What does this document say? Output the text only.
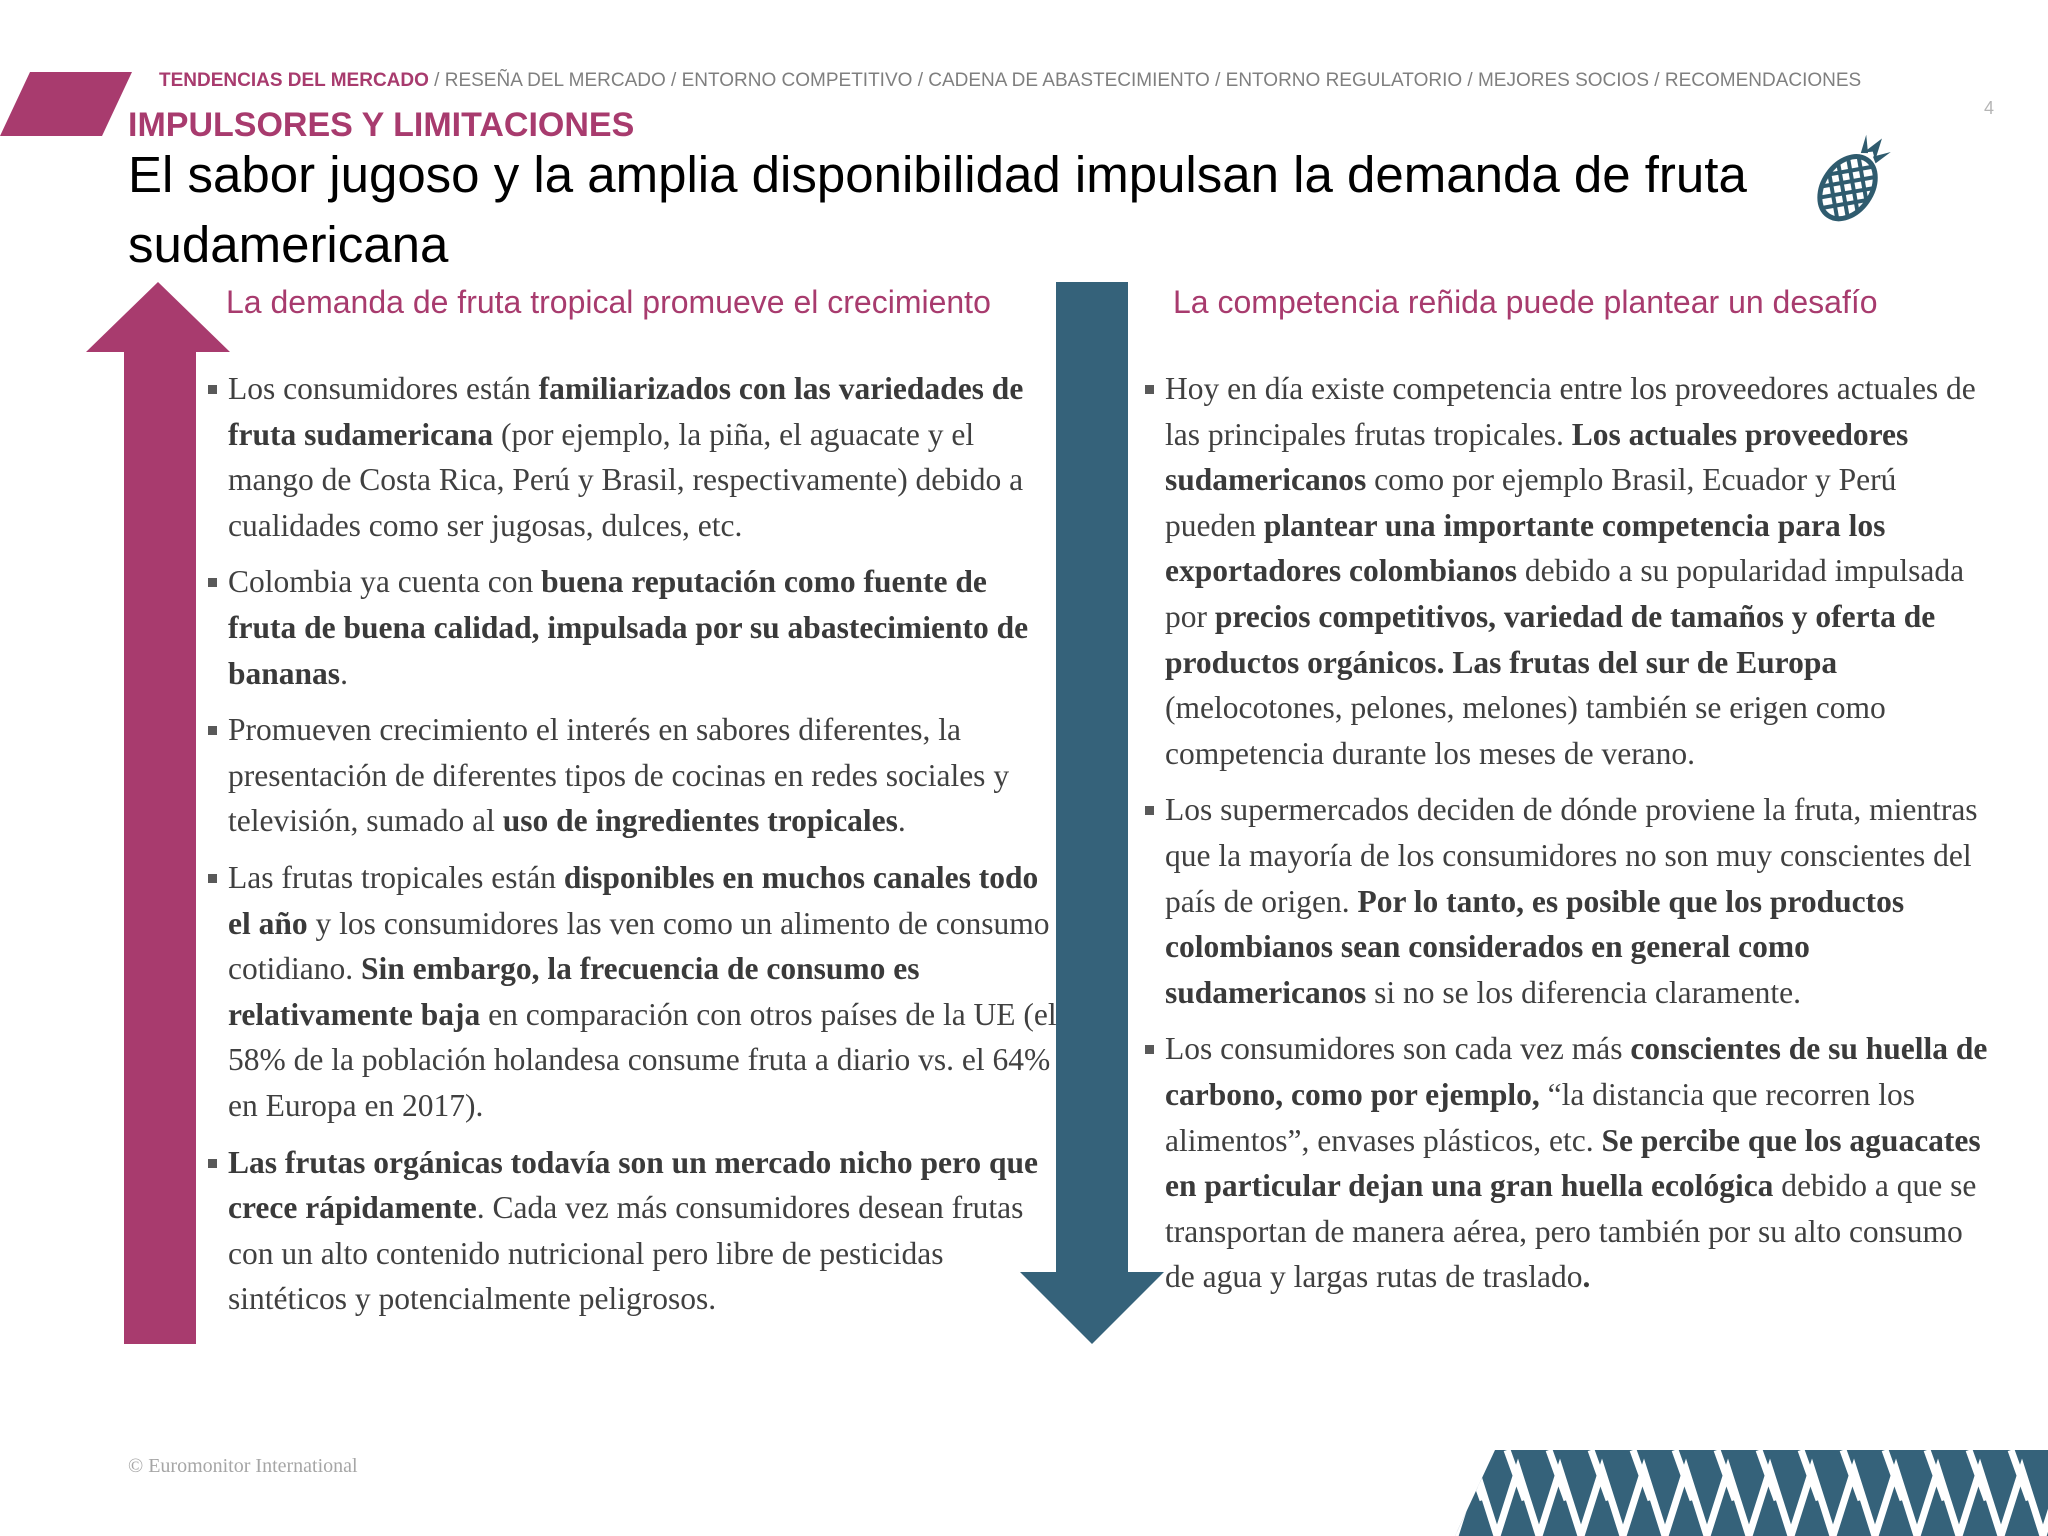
TENDENCIAS DEL MERCADO / RESEÑA DEL MERCADO / ENTORNO COMPETITIVO / CADENA DE ABASTECIMIENTO / ENTORNO REGULATORIO / MEJORES SOCIOS / RECOMENDACIONES
4
IMPULSORES Y LIMITACIONES
El sabor jugoso y la amplia disponibilidad impulsan la demanda de fruta sudamericana
La demanda de fruta tropical promueve el crecimiento	La competencia reñida puede plantear un desafío
Los consumidores están familiarizados con las variedades de fruta sudamericana (por ejemplo, la piña, el aguacate y el mango de Costa Rica, Perú y Brasil, respectivamente) debido a cualidades como ser jugosas, dulces, etc.
Colombia ya cuenta con buena reputación como fuente de fruta de buena calidad, impulsada por su abastecimiento de bananas.
Promueven crecimiento el interés en sabores diferentes, la presentación de diferentes tipos de cocinas en redes sociales y televisión, sumado al uso de ingredientes tropicales.
Las frutas tropicales están disponibles en muchos canales todo el año y los consumidores las ven como un alimento de consumo cotidiano. Sin embargo, la frecuencia de consumo es relativamente baja en comparación con otros países de la UE (el 58% de la población holandesa consume fruta a diario vs. el 64% en Europa en 2017).
Las frutas orgánicas todavía son un mercado nicho pero que crece rápidamente. Cada vez más consumidores desean frutas con un alto contenido nutricional pero libre de pesticidas sintéticos y potencialmente peligrosos.
Hoy en día existe competencia entre los proveedores actuales de las principales frutas tropicales. Los actuales proveedores sudamericanos como por ejemplo Brasil, Ecuador y Perú pueden plantear una importante competencia para los exportadores colombianos debido a su popularidad impulsada por precios competitivos, variedad de tamaños y oferta de productos orgánicos. Las frutas del sur de Europa (melocotones, pelones, melones) también se erigen como competencia durante los meses de verano.
Los supermercados deciden de dónde proviene la fruta, mientras que la mayoría de los consumidores no son muy conscientes del país de origen. Por lo tanto, es posible que los productos colombianos sean considerados en general como sudamericanos si no se los diferencia claramente.
Los consumidores son cada vez más conscientes de su huella de carbono, como por ejemplo, “la distancia que recorren los alimentos”, envases plásticos, etc. Se percibe que los aguacates en particular dejan una gran huella ecológica debido a que se transportan de manera aérea, pero también por su alto consumo de agua y largas rutas de traslado.
© Euromonitor International
